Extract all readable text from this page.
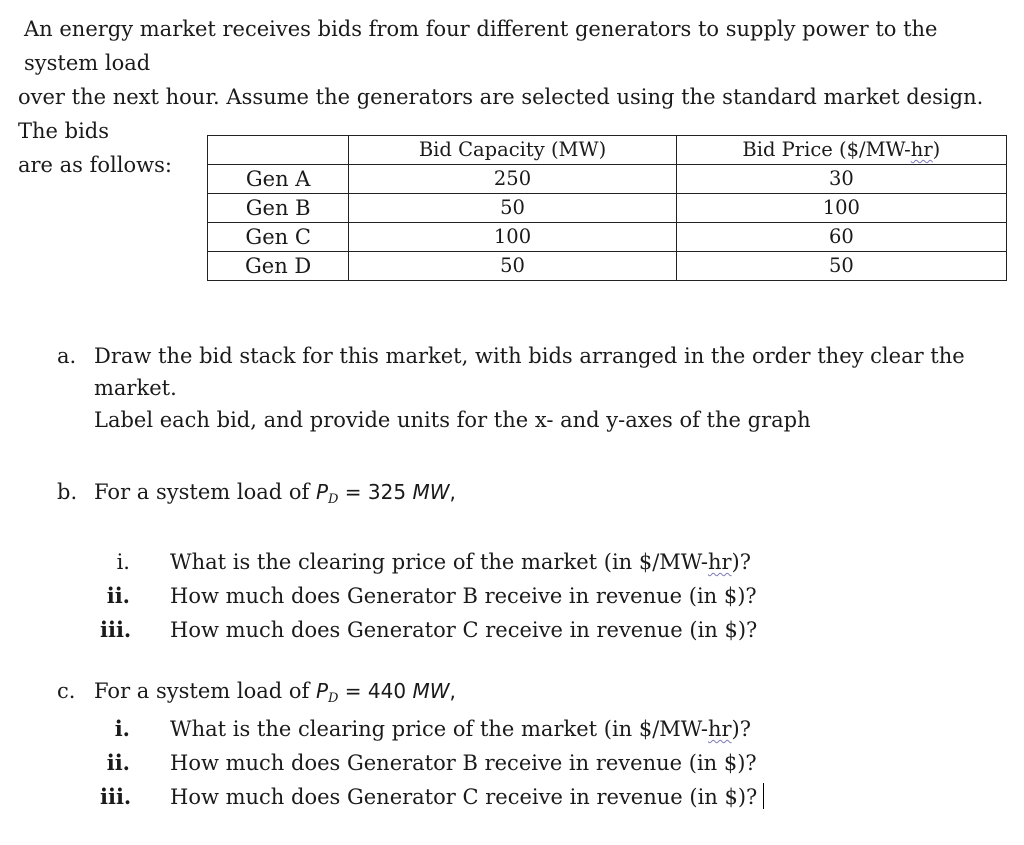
An energy market receives bids from four different generators to supply power to the system load
over the next hour. Assume the generators are selected using the standard market design. The bids
are as follows:
	Bid Capacity (MW)	Bid Price ($/MW-hr)
Gen A	250	30
Gen B	50	100
Gen C	100	60
Gen D	50	50
a. Draw the bid stack for this market, with bids arranged in the order they clear the market.
Label each bid, and provide units for the x- and y-axes of the graph
b. For a system load of $P_D = 325$ MW,
i. What is the clearing price of the market (in $/MW-hr)?
ii. How much does Generator B receive in revenue (in $)?
iii. How much does Generator C receive in revenue (in $)?
c. For a system load of $P_D = 440$ MW,
i. What is the clearing price of the market (in $/MW-hr)?
ii. How much does Generator B receive in revenue (in $)?
iii. How much does Generator C receive in revenue (in $)?
